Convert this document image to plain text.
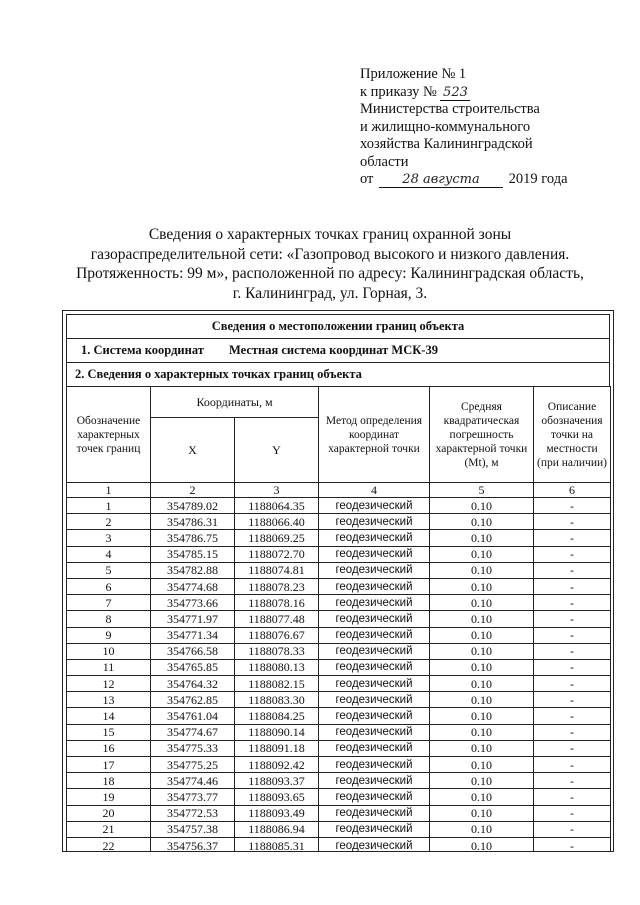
Приложение № 1
к приказу № 523
Министерства строительства
и жилищно-коммунального
хозяйства Калининградской
области
от 28 августа 2019 года
Сведения о характерных точках границ охранной зоны
газораспределительной сети: «Газопровод высокого и низкого давления.
Протяженность: 99 м», расположенной по адресу: Калининградская область,
г. Калининград, ул. Горная, 3.
Сведения о местоположении границ объекта
1. Система координат Местная система координат МСК-39
2. Сведения о характерных точках границ объекта
Обозначение характерных точек границ	Координаты, м		Метод определения координат характерной точки	Средняя квадратическая погрешность характерной точки (Mt), м	Описание обозначения точки на местности (при наличии)
	X	Y			
1	2	3	4	5	6
1	354789.02	1188064.35	геодезический	0.10	-
2	354786.31	1188066.40	геодезический	0.10	-
3	354786.75	1188069.25	геодезический	0.10	-
4	354785.15	1188072.70	геодезический	0.10	-
5	354782.88	1188074.81	геодезический	0.10	-
6	354774.68	1188078.23	геодезический	0.10	-
7	354773.66	1188078.16	геодезический	0.10	-
8	354771.97	1188077.48	геодезический	0.10	-
9	354771.34	1188076.67	геодезический	0.10	-
10	354766.58	1188078.33	геодезический	0.10	-
11	354765.85	1188080.13	геодезический	0.10	-
12	354764.32	1188082.15	геодезический	0.10	-
13	354762.85	1188083.30	геодезический	0.10	-
14	354761.04	1188084.25	геодезический	0.10	-
15	354774.67	1188090.14	геодезический	0.10	-
16	354775.33	1188091.18	геодезический	0.10	-
17	354775.25	1188092.42	геодезический	0.10	-
18	354774.46	1188093.37	геодезический	0.10	-
19	354773.77	1188093.65	геодезический	0.10	-
20	354772.53	1188093.49	геодезический	0.10	-
21	354757.38	1188086.94	геодезический	0.10	-
22	354756.37	1188085.31	геодезический	0.10	-
